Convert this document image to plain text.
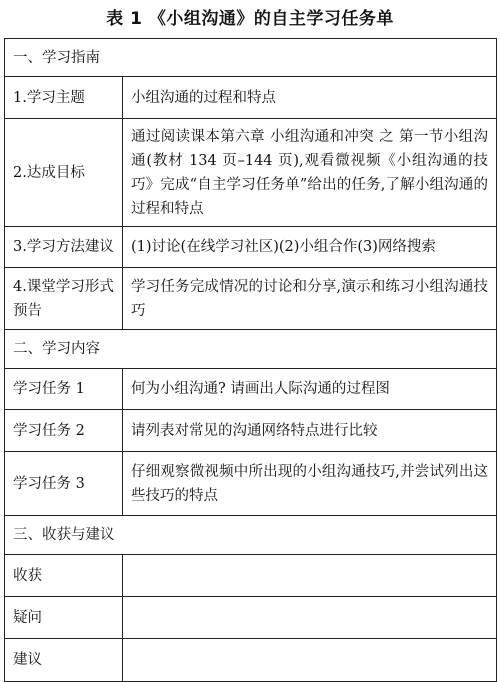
表 1 《小组沟通》的自主学习任务单
一、学习指南	
1.学习主题	小组沟通的过程和特点
2.达成目标	通过阅读课本第六章 小组沟通和冲突 之 第一节小组沟通(教材 134 页–144 页),观看微视频《小组沟通的技巧》完成“自主学习任务单”给出的任务,了解小组沟通的过程和特点
3.学习方法建议	(1)讨论(在线学习社区)(2)小组合作(3)网络搜索
4.课堂学习形式预告	学习任务完成情况的讨论和分享,演示和练习小组沟通技巧
二、学习内容	
学习任务 1	何为小组沟通? 请画出人际沟通的过程图
学习任务 2	请列表对常见的沟通网络特点进行比较
学习任务 3	仔细观察微视频中所出现的小组沟通技巧,并尝试列出这些技巧的特点
三、收获与建议	
收获	
疑问	
建议	
